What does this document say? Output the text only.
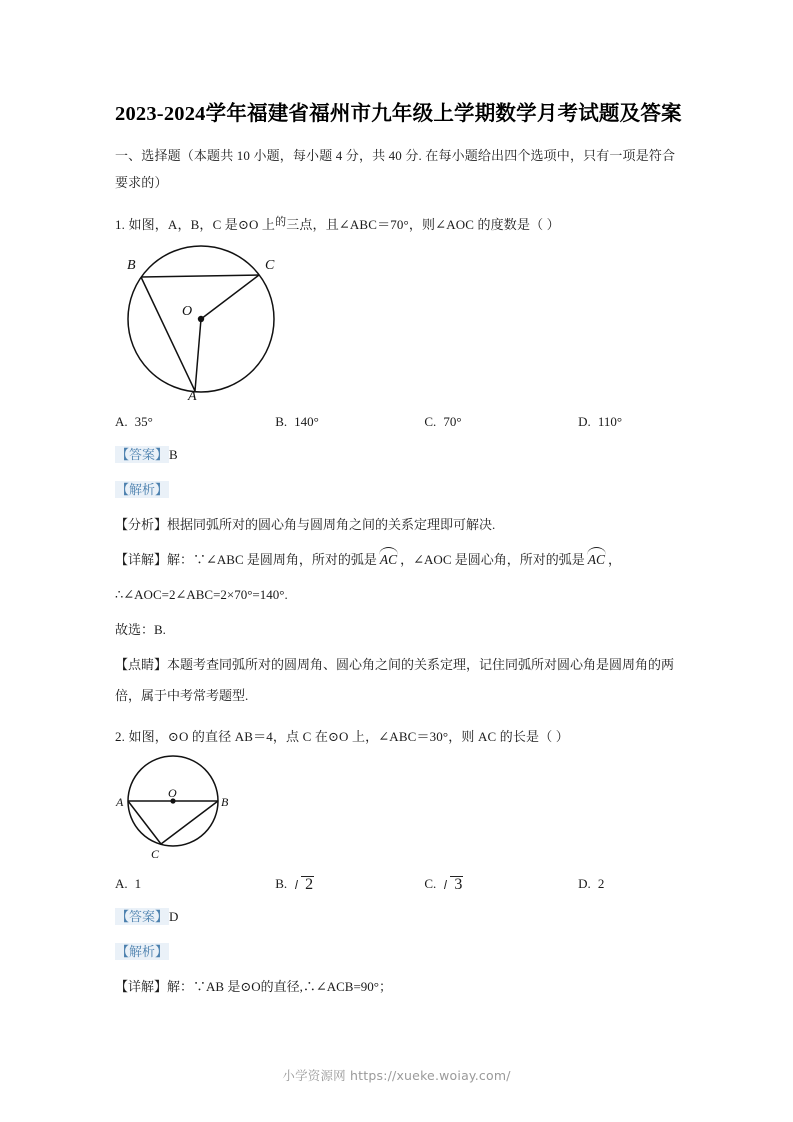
2023-2024学年福建省福州市九年级上学期数学月考试题及答案

一、选择题（本题共 10 小题，每小题 4 分，共 40 分. 在每小题给出四个选项中，只有一项是符合要求的）

1. 如图，A，B，C 是⊙O 上$^的$三点，且∠ABC＝70°，则∠AOC 的度数是（ ）

B	C
O
A
A. 35°	B. 140°	C. 70°	D. 110°

【答案】B

【解析】

【分析】根据同弧所对的圆心角与圆周角之间的关系定理即可解决.

【详解】解：∵∠ABC 是圆周角，所对的弧是 AC ，∠AOC 是圆心角，所对的弧是 AC ，

∴∠AOC=2∠ABC=2×70°=140°.

故选：B.

【点睛】本题考查同弧所对的圆周角、圆心角之间的关系定理，记住同弧所对圆心角是圆周角的两倍，属于中考常考题型.

2. 如图，⊙O 的直径 AB＝4，点 C 在⊙O 上，∠ABC＝30°，则 AC 的长是（ ）

A	B
O
C
A. 1	B.	2	C.	3	D. 2

【答案】D

【解析】

【详解】解：∵AB 是⊙O的直径,∴∠ACB=90°；

小学资源网 https://xueke.woiay.com/
